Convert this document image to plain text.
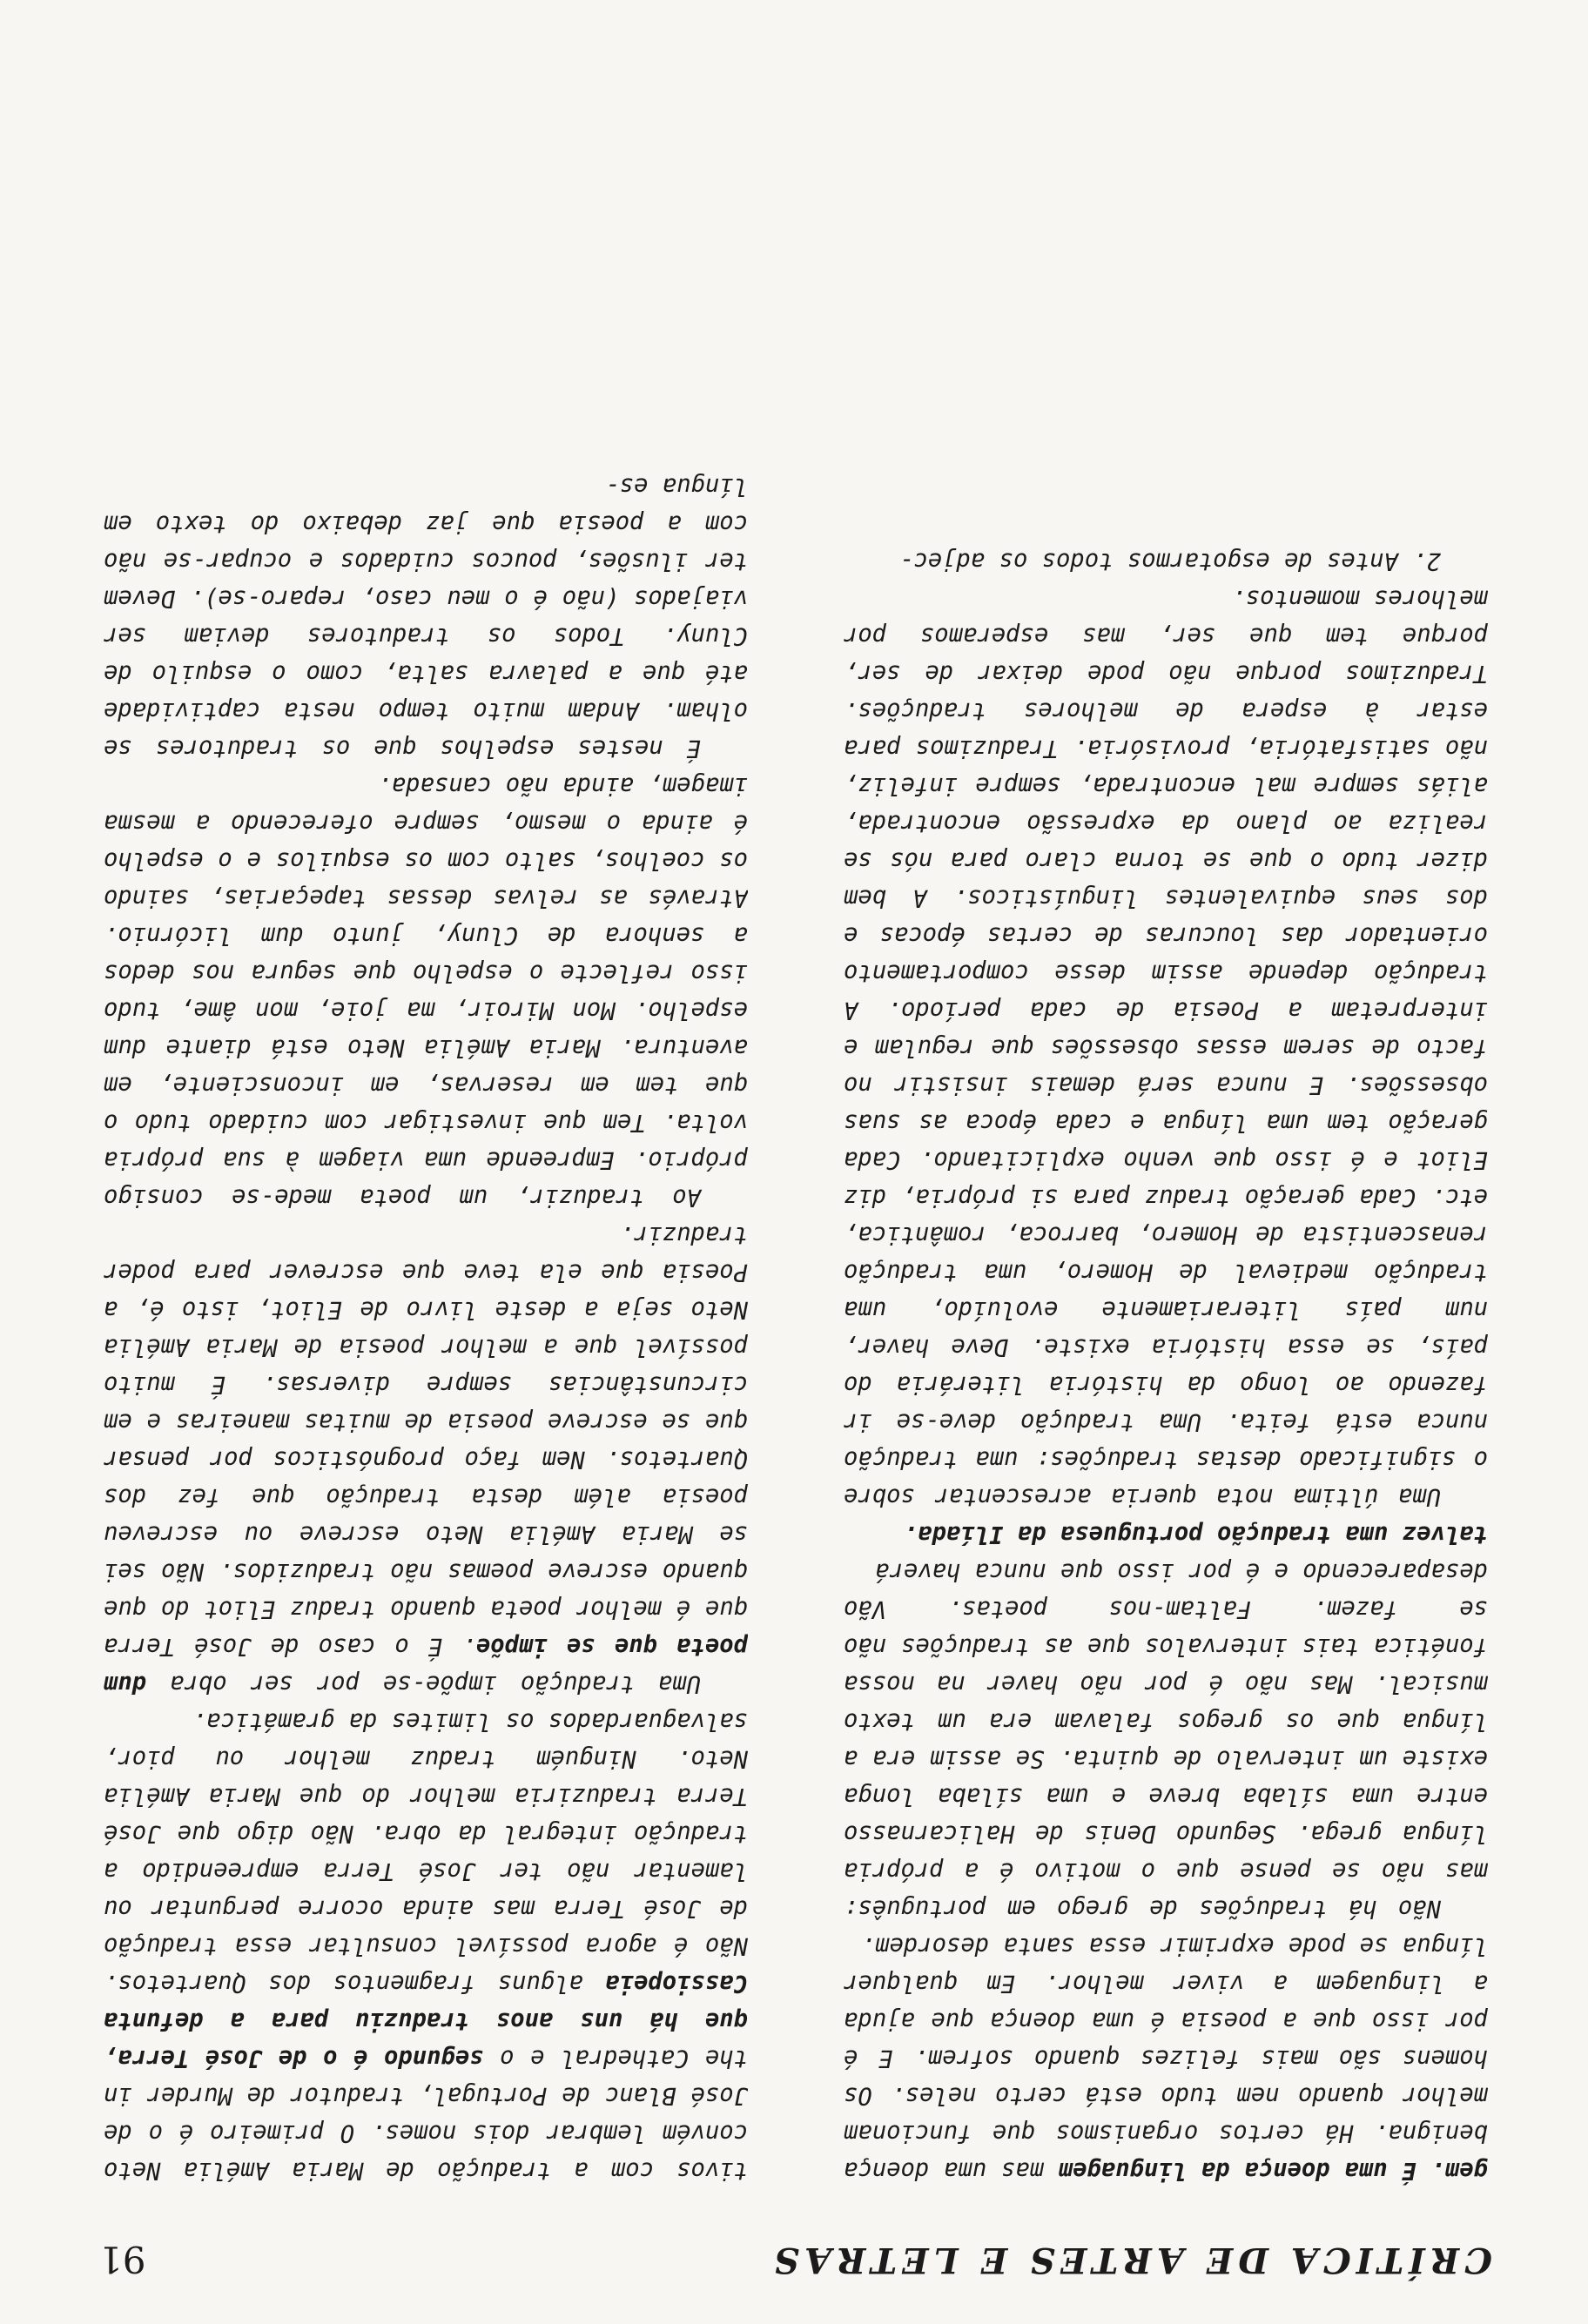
CRÍTICA DE ARTES E LETRAS
91

gem. É uma doença da linguagem mas uma doença benigna. Há certos organismos que funcionam melhor quando nem tudo está certo neles. Os homens são mais felizes quando sofrem. E é por isso que a poesia é uma doença que ajuda a linguagem a viver melhor. Em qualquer língua se pode exprimir essa santa desordem.

Não há traduções de grego em português: mas não se pense que o motivo é a própria língua grega. Segundo Denis de Halicarnasso entre uma sílaba breve e uma sílaba longa existe um intervalo de quinta. Se assim era a língua que os gregos falavam era um texto musical. Mas não é por não haver na nossa fonética tais intervalos que as traduções não se fazem. Faltam-nos poetas. Vão desaparecendo e é por isso que nunca haverá

talvez uma tradução portuguesa da Ilíada.

Uma última nota queria acrescentar sobre o significado destas traduções: uma tradução nunca está feita. Uma tradução deve-se ir fazendo ao longo da história literária do país, se essa história existe. Deve haver, num país literariamente evoluído, uma tradução medieval de Homero, uma tradução renascentista de Homero, barroca, romântica, etc. Cada geração traduz para si própria, diz Eliot e é isso que venho explicitando. Cada geração tem uma língua e cada época as suas obsessões. E nunca será demais insistir no facto de serem essas obsessões que regulam e interpretam a Poesia de cada período. A tradução depende assim desse comportamento orientador das loucuras de certas épocas e dos seus equivalentes linguísticos. A bem dizer tudo o que se torna claro para nós se realiza ao plano da expressão encontrada, aliás sempre mal encontrada, sempre infeliz, não satisfatória, provisória. Traduzimos para estar à espera de melhores traduções. Traduzimos porque não pode deixar de ser, porque tem que ser, mas esperamos por melhores momentos.

2. Antes de esgotarmos todos os adjec-

tivos com a tradução de Maria Amélia Neto convém lembrar dois nomes. O primeiro é o de José Blanc de Portugal, tradutor de Murder in the Cathedral e o segundo é o de José Terra, que há uns anos traduziu para a defunta Cassiopeia alguns fragmentos dos Quartetos. Não é agora possível consultar essa tradução de José Terra mas ainda ocorre perguntar ou lamentar não ter José Terra empreendido a tradução integral da obra. Não digo que José Terra traduziria melhor do que Maria Amélia Neto. Ninguém traduz melhor ou pior, salvaguardados os limites da gramática.

Uma tradução impõe-se por ser obra dum poeta que se impõe. É o caso de José Terra que é melhor poeta quando traduz Eliot do que quando escreve poemas não traduzidos. Não sei se Maria Amélia Neto escreve ou escreveu poesia além desta tradução que fez dos Quartetos. Nem faço prognósticos por pensar que se escreve poesia de muitas maneiras e em circunstâncias sempre diversas. É muito possível que a melhor poesia de Maria Amélia Neto seja a deste livro de Eliot, isto é, a Poesia que ela teve que escrever para poder traduzir.

Ao traduzir, um poeta mede-se consigo próprio. Empreende uma viagem à sua própria volta. Tem que investigar com cuidado tudo o que tem em reservas, em inconsciente, em aventura. Maria Amélia Neto está diante dum espelho. Mon Miroir, ma joie, mon âme, tudo isso reflecte o espelho que segura nos dedos a senhora de Cluny, junto dum licórnio. Através as relvas dessas tapeçarias, saindo os coelhos, salto com os esquilos e o espelho é ainda o mesmo, sempre oferecendo a mesma imagem, ainda não cansada.

É nestes espelhos que os tradutores se olham. Andam muito tempo nesta captividade até que a palavra salta, como o esquilo de Cluny. Todos os tradutores deviam ser viajados (não é o meu caso, reparo-se). Devem ter ilusões, poucos cuidados e ocupar-se não com a poesia que jaz debaixo do texto em língua es-
